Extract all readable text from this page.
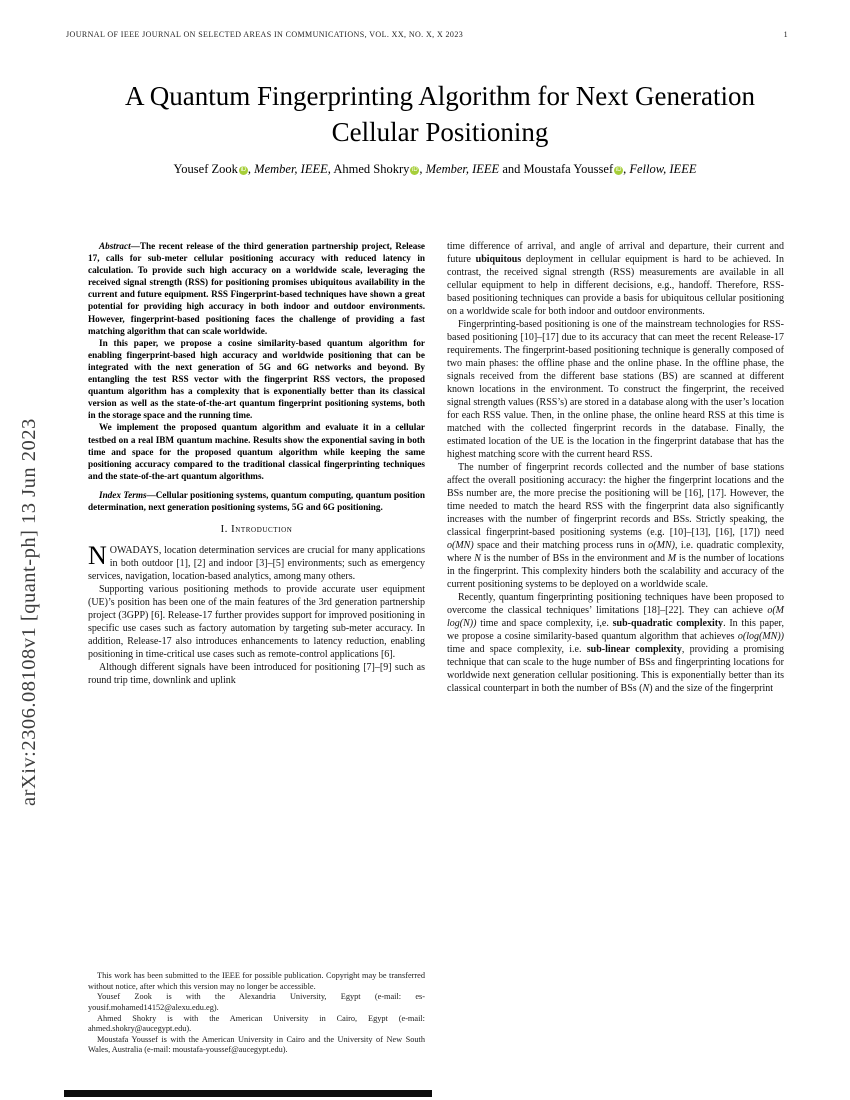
JOURNAL OF IEEE JOURNAL ON SELECTED AREAS IN COMMUNICATIONS, VOL. XX, NO. X, X 2023	1
A Quantum Fingerprinting Algorithm for Next Generation Cellular Positioning
Yousef Zook iD , Member, IEEE, Ahmed Shokry iD , Member, IEEE and Moustafa Youssef iD , Fellow, IEEE

Abstract—The recent release of the third generation partnership project, Release 17, calls for sub-meter cellular positioning accuracy with reduced latency in calculation. To provide such high accuracy on a worldwide scale, leveraging the received signal strength (RSS) for positioning promises ubiquitous availability in the current and future equipment. RSS Fingerprint-based techniques have shown a great potential for providing high accuracy in both indoor and outdoor environments. However, fingerprint-based positioning faces the challenge of providing a fast matching algorithm that can scale worldwide.

In this paper, we propose a cosine similarity-based quantum algorithm for enabling fingerprint-based high accuracy and worldwide positioning that can be integrated with the next generation of 5G and 6G networks and beyond. By entangling the test RSS vector with the fingerprint RSS vectors, the proposed quantum algorithm has a complexity that is exponentially better than its classical version as well as the state-of-the-art quantum fingerprint positioning systems, both in the storage space and the running time.

We implement the proposed quantum algorithm and evaluate it in a cellular testbed on a real IBM quantum machine. Results show the exponential saving in both time and space for the proposed quantum algorithm while keeping the same positioning accuracy compared to the traditional classical fingerprinting techniques and the state-of-the-art quantum algorithms.

Index Terms—Cellular positioning systems, quantum computing, quantum position determination, next generation positioning systems, 5G and 6G positioning.

I. Introduction

NOWADAYS, location determination services are crucial for many applications in both outdoor [1], [2] and indoor [3]–[5] environments; such as emergency services, navigation, location-based analytics, among many others.

Supporting various positioning methods to provide accurate user equipment (UE)’s position has been one of the main features of the 3rd generation partnership project (3GPP) [6]. Release-17 further provides support for improved positioning in specific use cases such as factory automation by targeting sub-meter accuracy. In addition, Release-17 also introduces enhancements to latency reduction, enabling positioning in time-critical use cases such as remote-control applications [6].

Although different signals have been introduced for positioning [7]–[9] such as round trip time, downlink and uplink

This work has been submitted to the IEEE for possible publication. Copyright may be transferred without notice, after which this version may no longer be accessible.

Yousef Zook is with the Alexandria University, Egypt (e-mail: es-yousif.mohamed14152@alexu.edu.eg).

Ahmed Shokry is with the American University in Cairo, Egypt (e-mail: ahmed.shokry@aucegypt.edu).

Moustafa Youssef is with the American University in Cairo and the University of New South Wales, Australia (e-mail: moustafa-youssef@aucegypt.edu).

time difference of arrival, and angle of arrival and departure, their current and future ubiquitous deployment in cellular equipment is hard to be achieved. In contrast, the received signal strength (RSS) measurements are available in all cellular equipment to help in different decisions, e.g., handoff. Therefore, RSS-based positioning techniques can provide a basis for ubiquitous cellular positioning on a worldwide scale for both indoor and outdoor environments.

Fingerprinting-based positioning is one of the mainstream technologies for RSS-based positioning [10]–[17] due to its accuracy that can meet the recent Release-17 requirements. The fingerprint-based positioning technique is generally composed of two main phases: the offline phase and the online phase. In the offline phase, the signals received from the different base stations (BS) are scanned at different known locations in the environment. To construct the fingerprint, the received signal strength values (RSS’s) are stored in a database along with the user’s location for each RSS value. Then, in the online phase, the online heard RSS at this time is matched with the collected fingerprint records in the database. Finally, the estimated location of the UE is the location in the fingerprint database that has the highest matching score with the current heard RSS.

The number of fingerprint records collected and the number of base stations affect the overall positioning accuracy: the higher the fingerprint locations and the BSs number are, the more precise the positioning will be [16], [17]. However, the time needed to match the heard RSS with the fingerprint data also significantly increases with the number of fingerprint records and BSs. Strictly speaking, the classical fingerprint-based positioning systems (e.g. [10]–[13], [16], [17]) need o(MN) space and their matching process runs in o(MN), i.e. quadratic complexity, where N is the number of BSs in the environment and M is the number of locations in the fingerprint. This complexity hinders both the scalability and accuracy of the current positioning systems to be deployed on a worldwide scale.

Recently, quantum fingerprinting positioning techniques have been proposed to overcome the classical techniques’ limitations [18]–[22]. They can achieve o(M log(N)) time and space complexity, i,e. sub-quadratic complexity. In this paper, we propose a cosine similarity-based quantum algorithm that achieves o(log(MN)) time and space complexity, i.e. sub-linear complexity, providing a promising technique that can scale to the huge number of BSs and fingerprinting locations for worldwide next generation cellular positioning. This is exponentially better than its classical counterpart in both the number of BSs (N) and the size of the fingerprint

arXiv:2306.08108v1 [quant-ph] 13 Jun 2023
